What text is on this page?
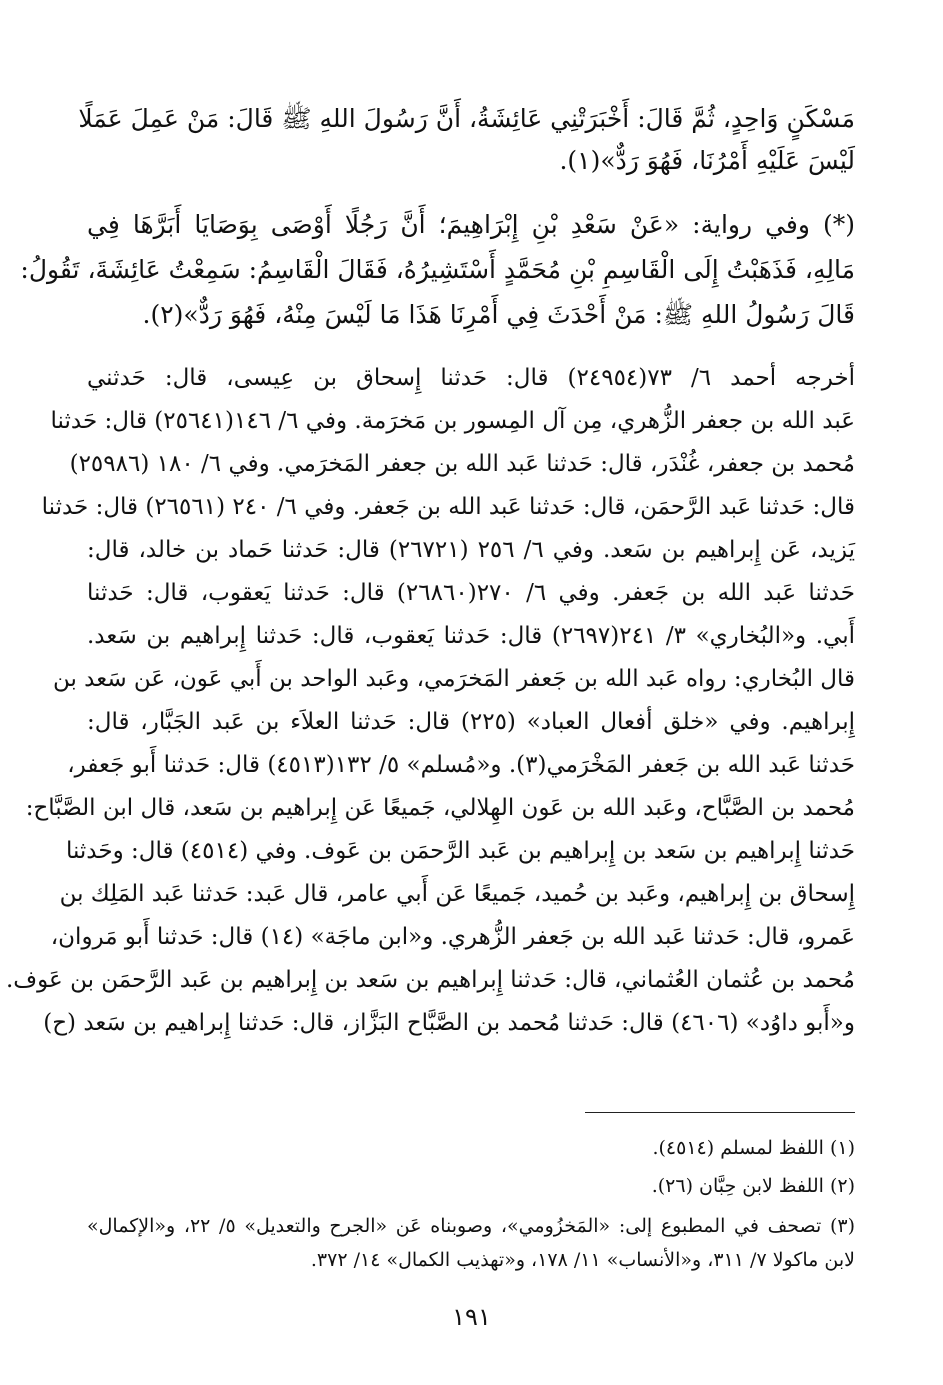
مَسْكَنٍ وَاحِدٍ، ثُمَّ قَالَ: أَخْبَرَتْنِي عَائِشَةُ، أَنَّ رَسُولَ اللهِ ﷺ قَالَ: مَنْ عَمِلَ عَمَلًا
لَيْسَ عَلَيْهِ أَمْرُنَا، فَهُوَ رَدٌّ»(١).
(*) وفي رواية: «عَنْ سَعْدِ بْنِ إِبْرَاهِيمَ؛ أَنَّ رَجُلًا أَوْصَى بِوَصَايَا أَبَرَّهَا فِي
مَالِهِ، فَذَهَبْتُ إِلَى الْقَاسِمِ بْنِ مُحَمَّدٍ أَسْتَشِيرُهُ، فَقَالَ الْقَاسِمُ: سَمِعْتُ عَائِشَةَ، تَقُولُ:
قَالَ رَسُولُ اللهِ ﷺ: مَنْ أَحْدَثَ فِي أَمْرِنَا هَذَا مَا لَيْسَ مِنْهُ، فَهُوَ رَدٌّ»(٢).
أخرجه أحمد ٦/ ٧٣(٢٤٩٥٤) قال: حَدثنا إِسحاق بن عِيسى، قال: حَدثني
عَبد الله بن جعفر الزُّهري، مِن آل المِسور بن مَخرَمة. وفي ٦/ ١٤٦(٢٥٦٤١) قال: حَدثنا
مُحمد بن جعفر، غُنْدَر، قال: حَدثنا عَبد الله بن جعفر المَخرَمي. وفي ٦/ ١٨٠ (٢٥٩٨٦)
قال: حَدثنا عَبد الرَّحمَن، قال: حَدثنا عَبد الله بن جَعفر. وفي ٦/ ٢٤٠ (٢٦٥٦١) قال: حَدثنا
يَزيد، عَن إِبراهيم بن سَعد. وفي ٦/ ٢٥٦ (٢٦٧٢١) قال: حَدثنا حَماد بن خالد، قال:
حَدثنا عَبد الله بن جَعفر. وفي ٦/ ٢٧٠(٢٦٨٦٠) قال: حَدثنا يَعقوب، قال: حَدثنا
أَبي. و«البُخاري» ٣/ ٢٤١(٢٦٩٧) قال: حَدثنا يَعقوب، قال: حَدثنا إِبراهيم بن سَعد.
قال البُخاري: رواه عَبد الله بن جَعفر المَخرَمي، وعَبد الواحد بن أَبي عَون، عَن سَعد بن
إِبراهيم. وفي «خلق أفعال العباد» (٢٢٥) قال: حَدثنا العلاَء بن عَبد الجَبَّار، قال:
حَدثنا عَبد الله بن جَعفر المَخْرَمي(٣). و«مُسلم» ٥/ ١٣٢(٤٥١٣) قال: حَدثنا أَبو جَعفر،
مُحمد بن الصَّبَّاح، وعَبد الله بن عَون الهِلالي، جَميعًا عَن إِبراهيم بن سَعد، قال ابن الصَّبَّاح:
حَدثنا إِبراهيم بن سَعد بن إِبراهيم بن عَبد الرَّحمَن بن عَوف. وفي (٤٥١٤) قال: وحَدثنا
إِسحاق بن إِبراهيم، وعَبد بن حُميد، جَميعًا عَن أَبي عامر، قال عَبد: حَدثنا عَبد المَلِك بن
عَمرو، قال: حَدثنا عَبد الله بن جَعفر الزُّهري. و«ابن ماجَة» (١٤) قال: حَدثنا أَبو مَروان،
مُحمد بن عُثمان العُثماني، قال: حَدثنا إِبراهيم بن سَعد بن إِبراهيم بن عَبد الرَّحمَن بن عَوف.
و«أَبو داوُد» (٤٦٠٦) قال: حَدثنا مُحمد بن الصَّبَّاح البَزَّاز، قال: حَدثنا إِبراهيم بن سَعد (ح)
(١) اللفظ لمسلم (٤٥١٤).
(٢) اللفظ لابن حِبَّان (٢٦).
(٣) تصحف في المطبوع إلى: «المَخزُومي»، وصوبناه عَن «الجرح والتعديل» ٥/ ٢٢، و«الإكمال»
لابن ماكولا ٧/ ٣١١، و«الأنساب» ١١/ ١٧٨، و«تهذيب الكمال» ١٤/ ٣٧٢.
١٩١
